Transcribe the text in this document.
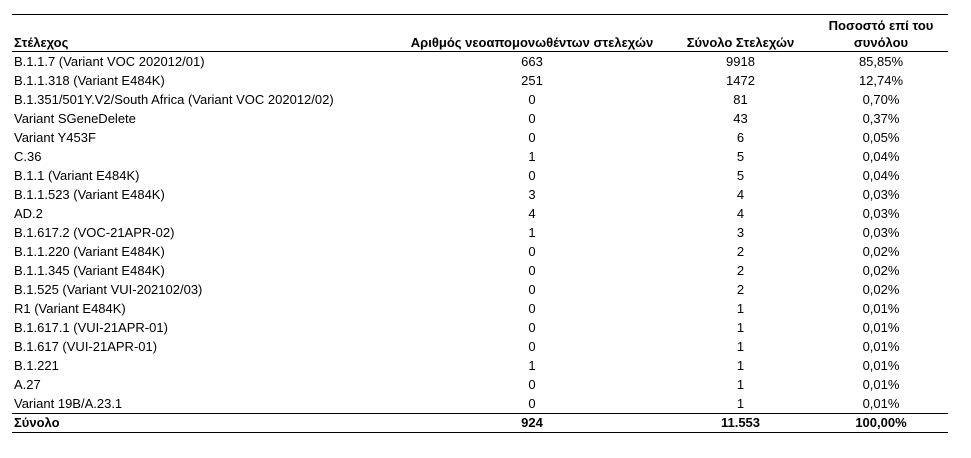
Στέλεχος	Αριθμός νεοαπομονωθέντων στελεχών	Σύνολο Στελεχών	Ποσοστό επί του
συνόλου
B.1.1.7 (Variant VOC 202012/01)	663	9918	85,85%
B.1.1.318 (Variant E484K)	251	1472	12,74%
B.1.351/501Y.V2/South Africa (Variant VOC 202012/02)	0	81	0,70%
Variant SGeneDelete	0	43	0,37%
Variant Y453F	0	6	0,05%
C.36	1	5	0,04%
B.1.1 (Variant E484K)	0	5	0,04%
B.1.1.523 (Variant E484K)	3	4	0,03%
AD.2	4	4	0,03%
B.1.617.2 (VOC-21APR-02)	1	3	0,03%
B.1.1.220 (Variant E484K)	0	2	0,02%
B.1.1.345 (Variant E484K)	0	2	0,02%
B.1.525 (Variant VUI-202102/03)	0	2	0,02%
R1 (Variant E484K)	0	1	0,01%
B.1.617.1 (VUI-21APR-01)	0	1	0,01%
B.1.617 (VUI-21APR-01)	0	1	0,01%
B.1.221	1	1	0,01%
A.27	0	1	0,01%
Variant 19B/A.23.1	0	1	0,01%
Σύνολο	924	11.553	100,00%
